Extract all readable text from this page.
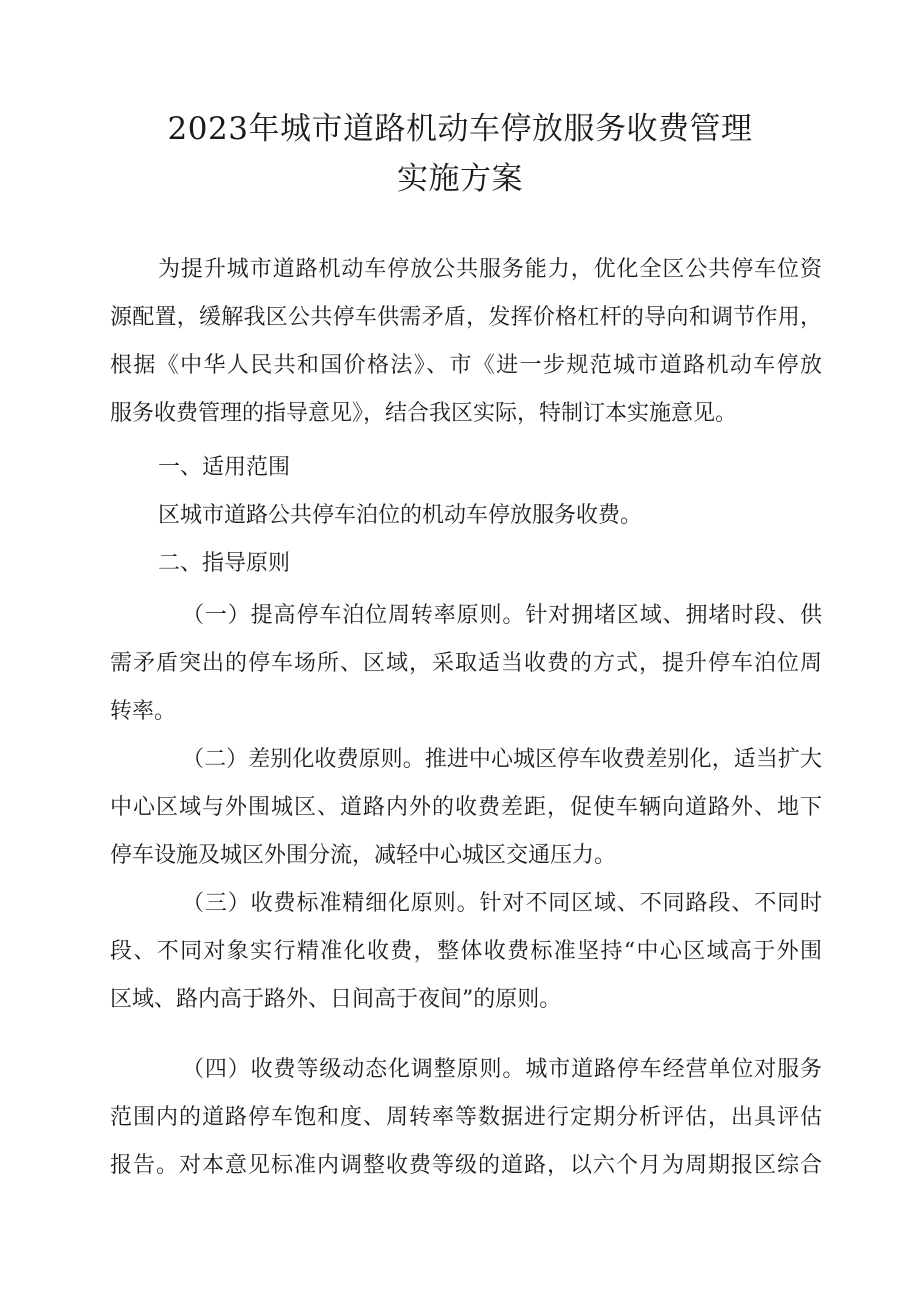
2023年城市道路机动车停放服务收费管理
实施方案
为提升城市道路机动车停放公共服务能力，优化全区公共停车位资
源配置，缓解我区公共停车供需矛盾，发挥价格杠杆的导向和调节作用，
根据《中华人民共和国价格法》、市《进一步规范城市道路机动车停放
服务收费管理的指导意见》，结合我区实际，特制订本实施意见。
一、适用范围
区城市道路公共停车泊位的机动车停放服务收费。
二、指导原则
（一）提高停车泊位周转率原则。针对拥堵区域、拥堵时段、供
需矛盾突出的停车场所、区域，采取适当收费的方式，提升停车泊位周
转率。
（二）差别化收费原则。推进中心城区停车收费差别化，适当扩大
中心区域与外围城区、道路内外的收费差距，促使车辆向道路外、地下
停车设施及城区外围分流，减轻中心城区交通压力。
（三）收费标准精细化原则。针对不同区域、不同路段、不同时
段、不同对象实行精准化收费，整体收费标准坚持“中心区域高于外围
区域、路内高于路外、日间高于夜间”的原则。
（四）收费等级动态化调整原则。城市道路停车经营单位对服务
范围内的道路停车饱和度、周转率等数据进行定期分析评估，出具评估
报告。对本意见标准内调整收费等级的道路，以六个月为周期报区综合
